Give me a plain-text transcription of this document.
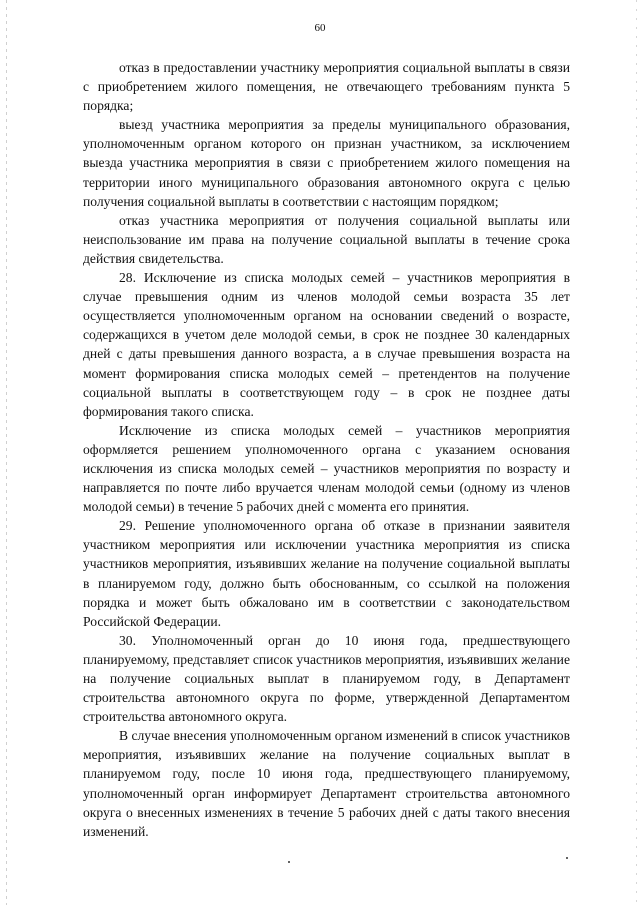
60

отказ в предоставлении участнику мероприятия социальной выплаты в связи с приобретением жилого помещения, не отвечающего требованиям пункта 5 порядка;

выезд участника мероприятия за пределы муниципального образования, уполномоченным органом которого он признан участником, за исключением выезда участника мероприятия в связи с приобретением жилого помещения на территории иного муниципального образования автономного округа с целью получения социальной выплаты в соответствии с настоящим порядком;

отказ участника мероприятия от получения социальной выплаты или неиспользование им права на получение социальной выплаты в течение срока действия свидетельства.

28. Исключение из списка молодых семей – участников мероприятия в случае превышения одним из членов молодой семьи возраста 35 лет осуществляется уполномоченным органом на основании сведений о возрасте, содержащихся в учетом деле молодой семьи, в срок не позднее 30 календарных дней с даты превышения данного возраста, а в случае превышения возраста на момент формирования списка молодых семей – претендентов на получение социальной выплаты в соответствующем году – в срок не позднее даты формирования такого списка.

Исключение из списка молодых семей – участников мероприятия оформляется решением уполномоченного органа с указанием основания исключения из списка молодых семей – участников мероприятия по возрасту и направляется по почте либо вручается членам молодой семьи (одному из членов молодой семьи) в течение 5 рабочих дней с момента его принятия.

29. Решение уполномоченного органа об отказе в признании заявителя участником мероприятия или исключении участника мероприятия из списка участников мероприятия, изъявивших желание на получение социальной выплаты в планируемом году, должно быть обоснованным, со ссылкой на положения порядка и может быть обжаловано им в соответствии с законодательством Российской Федерации.

30. Уполномоченный орган до 10 июня года, предшествующего планируемому, представляет список участников мероприятия, изъявивших желание на получение социальных выплат в планируемом году, в Департамент строительства автономного округа по форме, утвержденной Департаментом строительства автономного округа.

В случае внесения уполномоченным органом изменений в список участников мероприятия, изъявивших желание на получение социальных выплат в планируемом году, после 10 июня года, предшествующего планируемому, уполномоченный орган информирует Департамент строительства автономного округа о внесенных изменениях в течение 5 рабочих дней с даты такого внесения изменений.
